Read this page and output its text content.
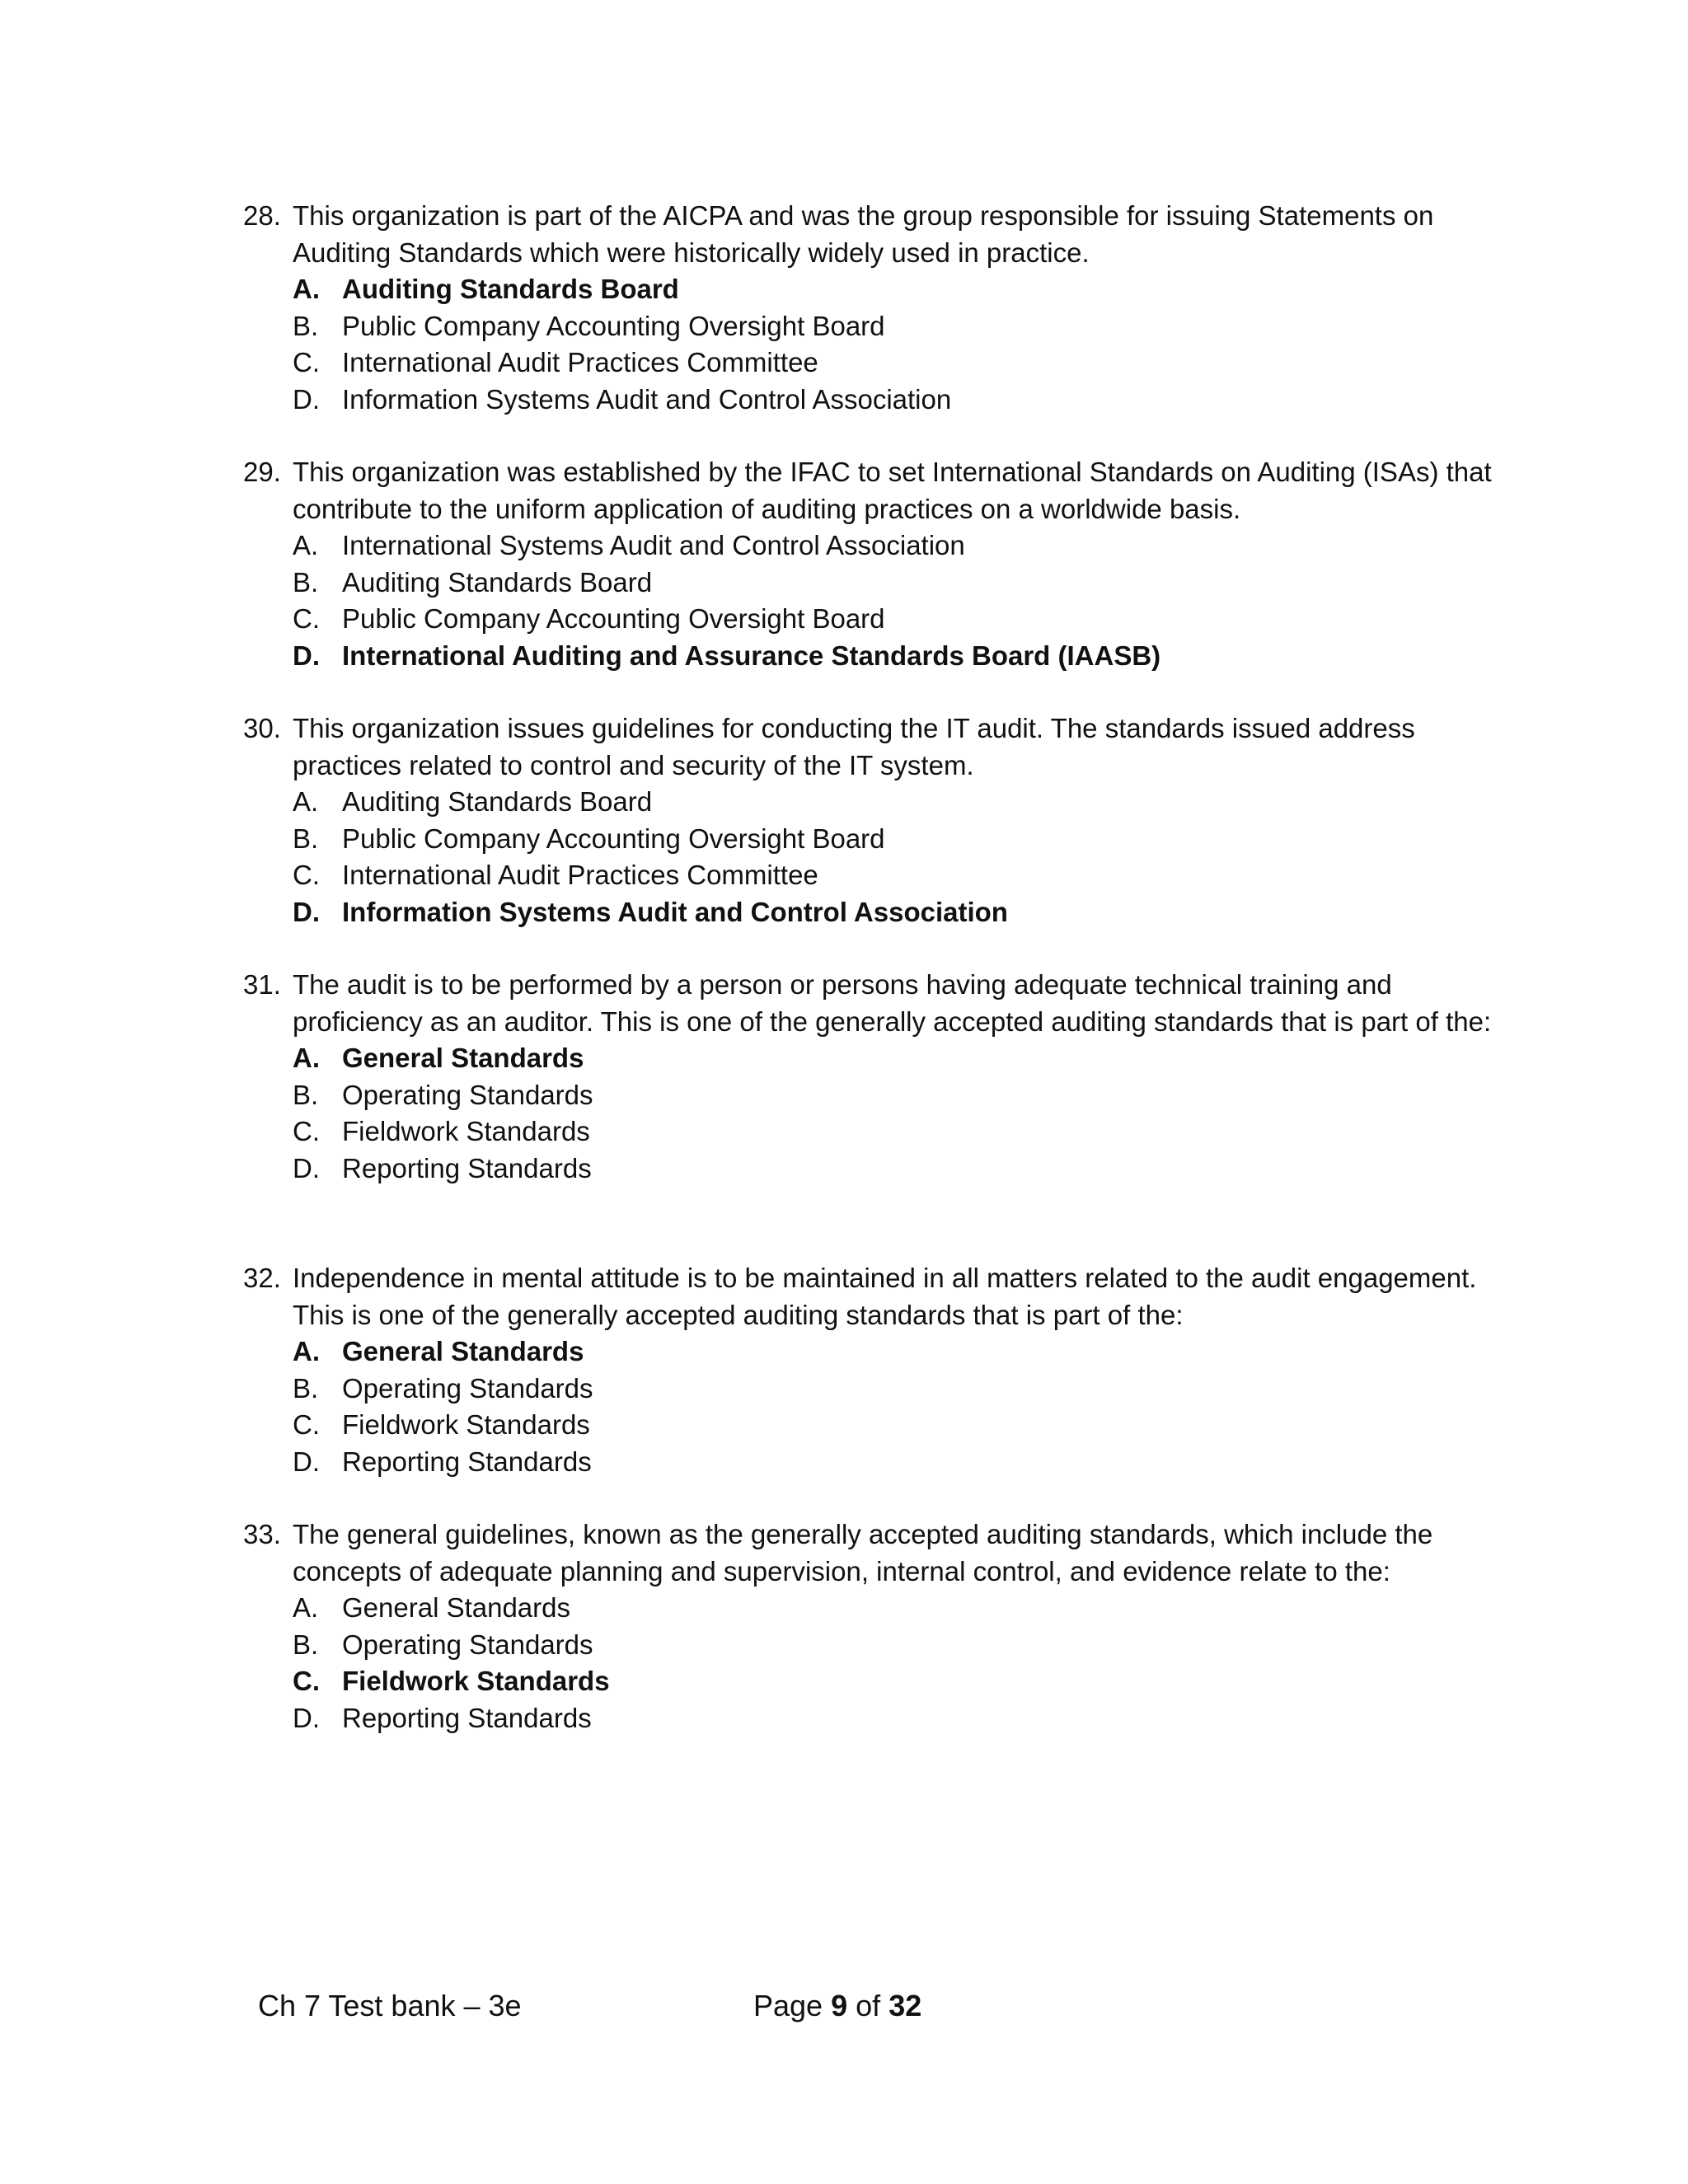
28. This organization is part of the AICPA and was the group responsible for issuing Statements on Auditing Standards which were historically widely used in practice.
A. Auditing Standards Board
B. Public Company Accounting Oversight Board
C. International Audit Practices Committee
D. Information Systems Audit and Control Association
29. This organization was established by the IFAC to set International Standards on Auditing (ISAs) that contribute to the uniform application of auditing practices on a worldwide basis.
A. International Systems Audit and Control Association
B. Auditing Standards Board
C. Public Company Accounting Oversight Board
D. International Auditing and Assurance Standards Board (IAASB)
30. This organization issues guidelines for conducting the IT audit. The standards issued address practices related to control and security of the IT system.
A. Auditing Standards Board
B. Public Company Accounting Oversight Board
C. International Audit Practices Committee
D. Information Systems Audit and Control Association
31. The audit is to be performed by a person or persons having adequate technical training and proficiency as an auditor. This is one of the generally accepted auditing standards that is part of the:
A. General Standards
B. Operating Standards
C. Fieldwork Standards
D. Reporting Standards
32. Independence in mental attitude is to be maintained in all matters related to the audit engagement.   This is one of the generally accepted auditing standards that is part of the:
A. General Standards
B. Operating Standards
C. Fieldwork Standards
D. Reporting Standards
33. The general guidelines, known as the generally accepted auditing standards, which include the concepts of adequate planning and supervision, internal control, and evidence relate to the:
A. General Standards
B. Operating Standards
C. Fieldwork Standards
D. Reporting Standards
Ch 7 Test bank – 3e	Page 9 of 32
